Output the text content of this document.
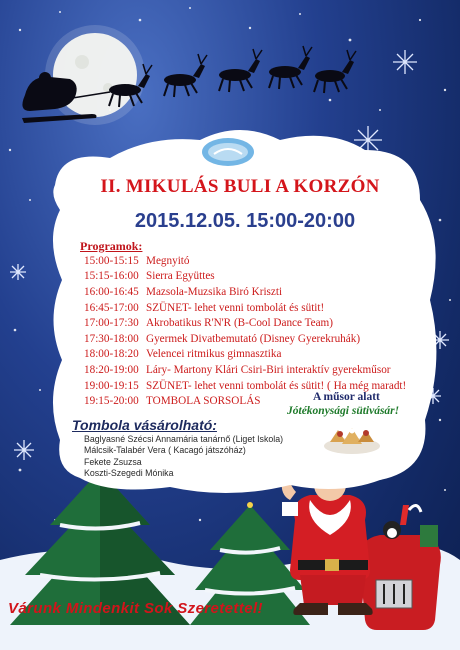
II. MIKULÁS BULI A KORZÓN
2015.12.05. 15:00-20:00
Programok:
15:00-15:15 Megnyitó
15:15-16:00 Sierra Együttes
16:00-16:45 Mazsola-Muzsika Biró Kriszti
16:45-17:00 SZÜNET- lehet venni tombolát és sütit!
17:00-17:30 Akrobatikus R'N'R (B-Cool Dance Team)
17:30-18:00 Gyermek Divatbemutató (Disney Gyerekruhák)
18:00-18:20 Velencei ritmikus gimnasztika
18:20-19:00 Láry- Martony Klári Csiri-Biri interaktív gyerekműsor
19:00-19:15 SZÜNET- lehet venni tombolát és sütit! ( Ha még maradt!
19:15-20:00 TOMBOLA SORSOLÁS	A műsor alatt
Jótékonysági sütivásár!
Tombola vásárolható:
Baglyasné Szécsi Annamária tanárnő (Liget Iskola)
Málcsik-Talabér Vera ( Kacagó játszóház)
Fekete Zsuzsa
Koszti-Szegedi Mónika
Várunk Mindenkit Sok Szeretettel!
